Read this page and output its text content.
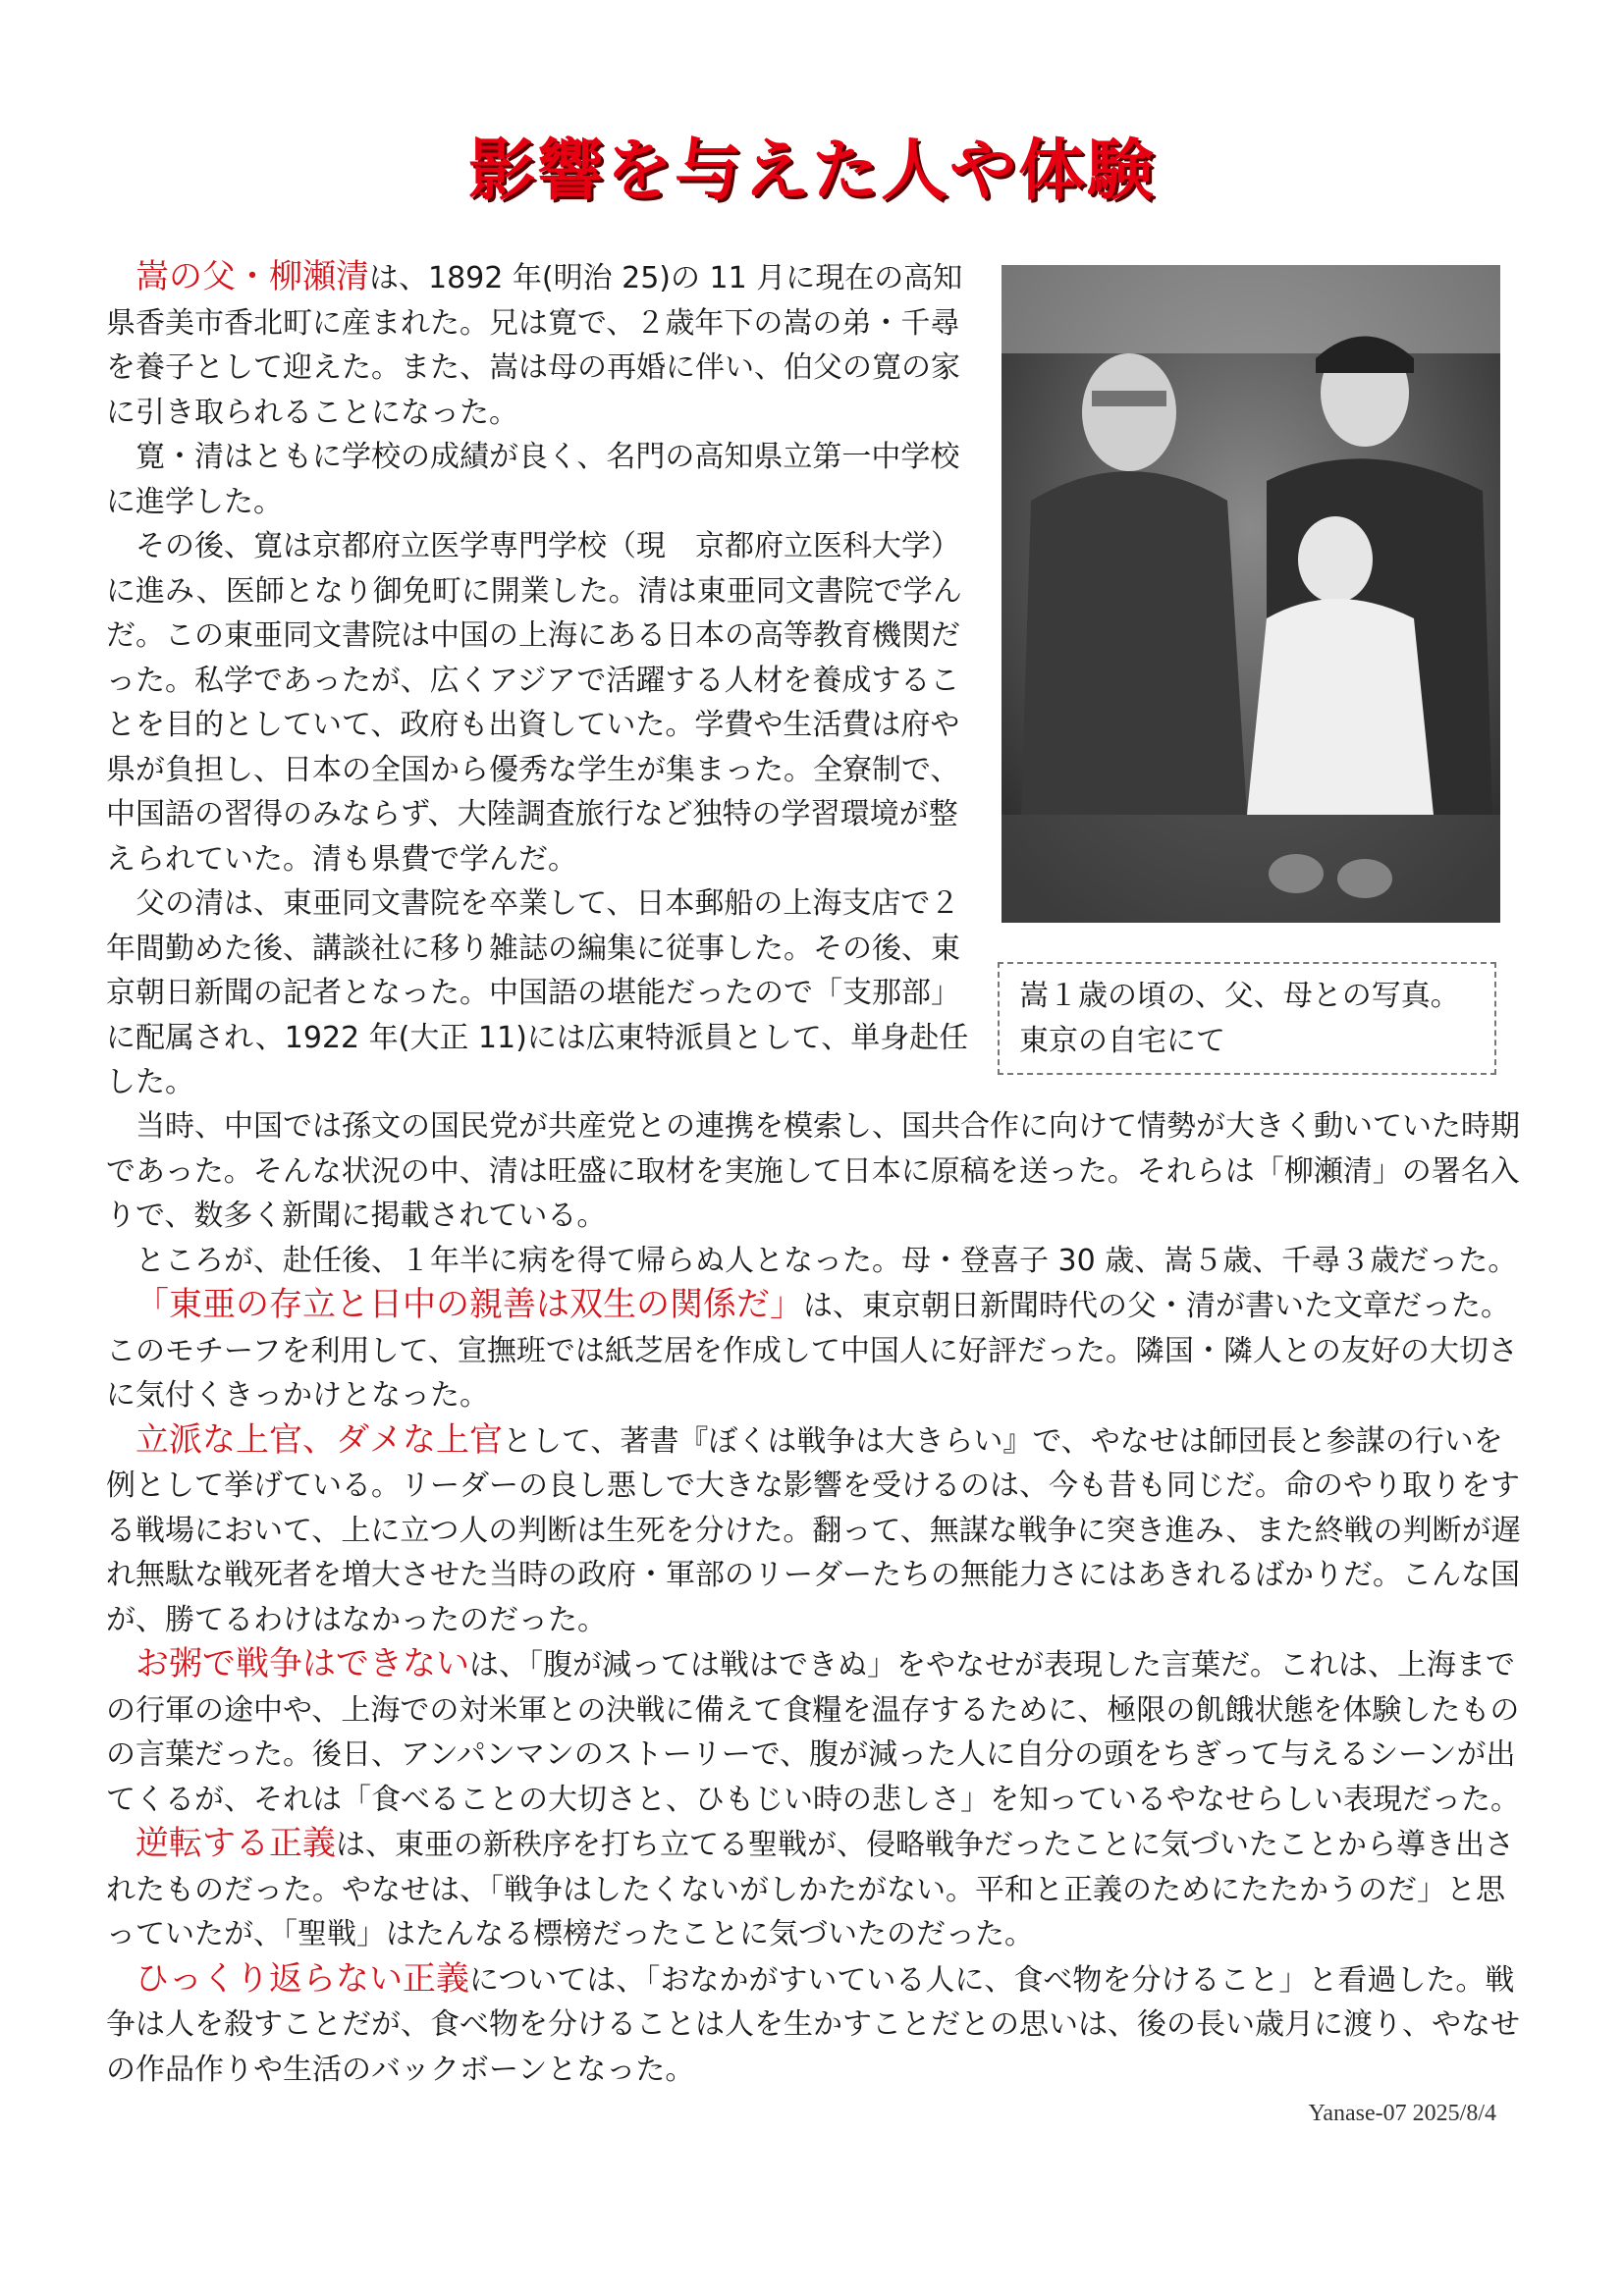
影響を与えた人や体験

嵩の父・柳瀬清は、1892 年(明治 25)の 11 月に現在の高知県香美市香北町に産まれた。兄は寛で、２歳年下の嵩の弟・千尋を養子として迎えた。また、嵩は母の再婚に伴い、伯父の寛の家に引き取られることになった。

寛・清はともに学校の成績が良く、名門の高知県立第一中学校に進学した。

その後、寛は京都府立医学専門学校（現　京都府立医科大学）に進み、医師となり御免町に開業した。清は東亜同文書院で学んだ。この東亜同文書院は中国の上海にある日本の高等教育機関だった。私学であったが、広くアジアで活躍する人材を養成することを目的としていて、政府も出資していた。学費や生活費は府や県が負担し、日本の全国から優秀な学生が集まった。全寮制で、中国語の習得のみならず、大陸調査旅行など独特の学習環境が整えられていた。清も県費で学んだ。

父の清は、東亜同文書院を卒業して、日本郵船の上海支店で２年間勤めた後、講談社に移り雑誌の編集に従事した。その後、東京朝日新聞の記者となった。中国語の堪能だったので「支那部」に配属され、1922 年(大正 11)には広東特派員として、単身赴任した。

嵩１歳の頃の、父、母との写真。
東京の自宅にて

当時、中国では孫文の国民党が共産党との連携を模索し、国共合作に向けて情勢が大きく動いていた時期であった。そんな状況の中、清は旺盛に取材を実施して日本に原稿を送った。それらは「柳瀬清」の署名入りで、数多く新聞に掲載されている。

ところが、赴任後、１年半に病を得て帰らぬ人となった。母・登喜子 30 歳、嵩５歳、千尋３歳だった。

「東亜の存立と日中の親善は双生の関係だ」は、東京朝日新聞時代の父・清が書いた文章だった。このモチーフを利用して、宣撫班では紙芝居を作成して中国人に好評だった。隣国・隣人との友好の大切さに気付くきっかけとなった。

立派な上官、ダメな上官として、著書『ぼくは戦争は大きらい』で、やなせは師団長と参謀の行いを例として挙げている。リーダーの良し悪しで大きな影響を受けるのは、今も昔も同じだ。命のやり取りをする戦場において、上に立つ人の判断は生死を分けた。翻って、無謀な戦争に突き進み、また終戦の判断が遅れ無駄な戦死者を増大させた当時の政府・軍部のリーダーたちの無能力さにはあきれるばかりだ。こんな国が、勝てるわけはなかったのだった。

お粥で戦争はできないは、「腹が減っては戦はできぬ」をやなせが表現した言葉だ。これは、上海までの行軍の途中や、上海での対米軍との決戦に備えて食糧を温存するために、極限の飢餓状態を体験したものの言葉だった。後日、アンパンマンのストーリーで、腹が減った人に自分の頭をちぎって与えるシーンが出てくるが、それは「食べることの大切さと、ひもじい時の悲しさ」を知っているやなせらしい表現だった。

逆転する正義は、東亜の新秩序を打ち立てる聖戦が、侵略戦争だったことに気づいたことから導き出されたものだった。やなせは、「戦争はしたくないがしかたがない。平和と正義のためにたたかうのだ」と思っていたが、「聖戦」はたんなる標榜だったことに気づいたのだった。

ひっくり返らない正義については、「おなかがすいている人に、食べ物を分けること」と看過した。戦争は人を殺すことだが、食べ物を分けることは人を生かすことだとの思いは、後の長い歳月に渡り、やなせの作品作りや生活のバックボーンとなった。

Yanase-07 2025/8/4
